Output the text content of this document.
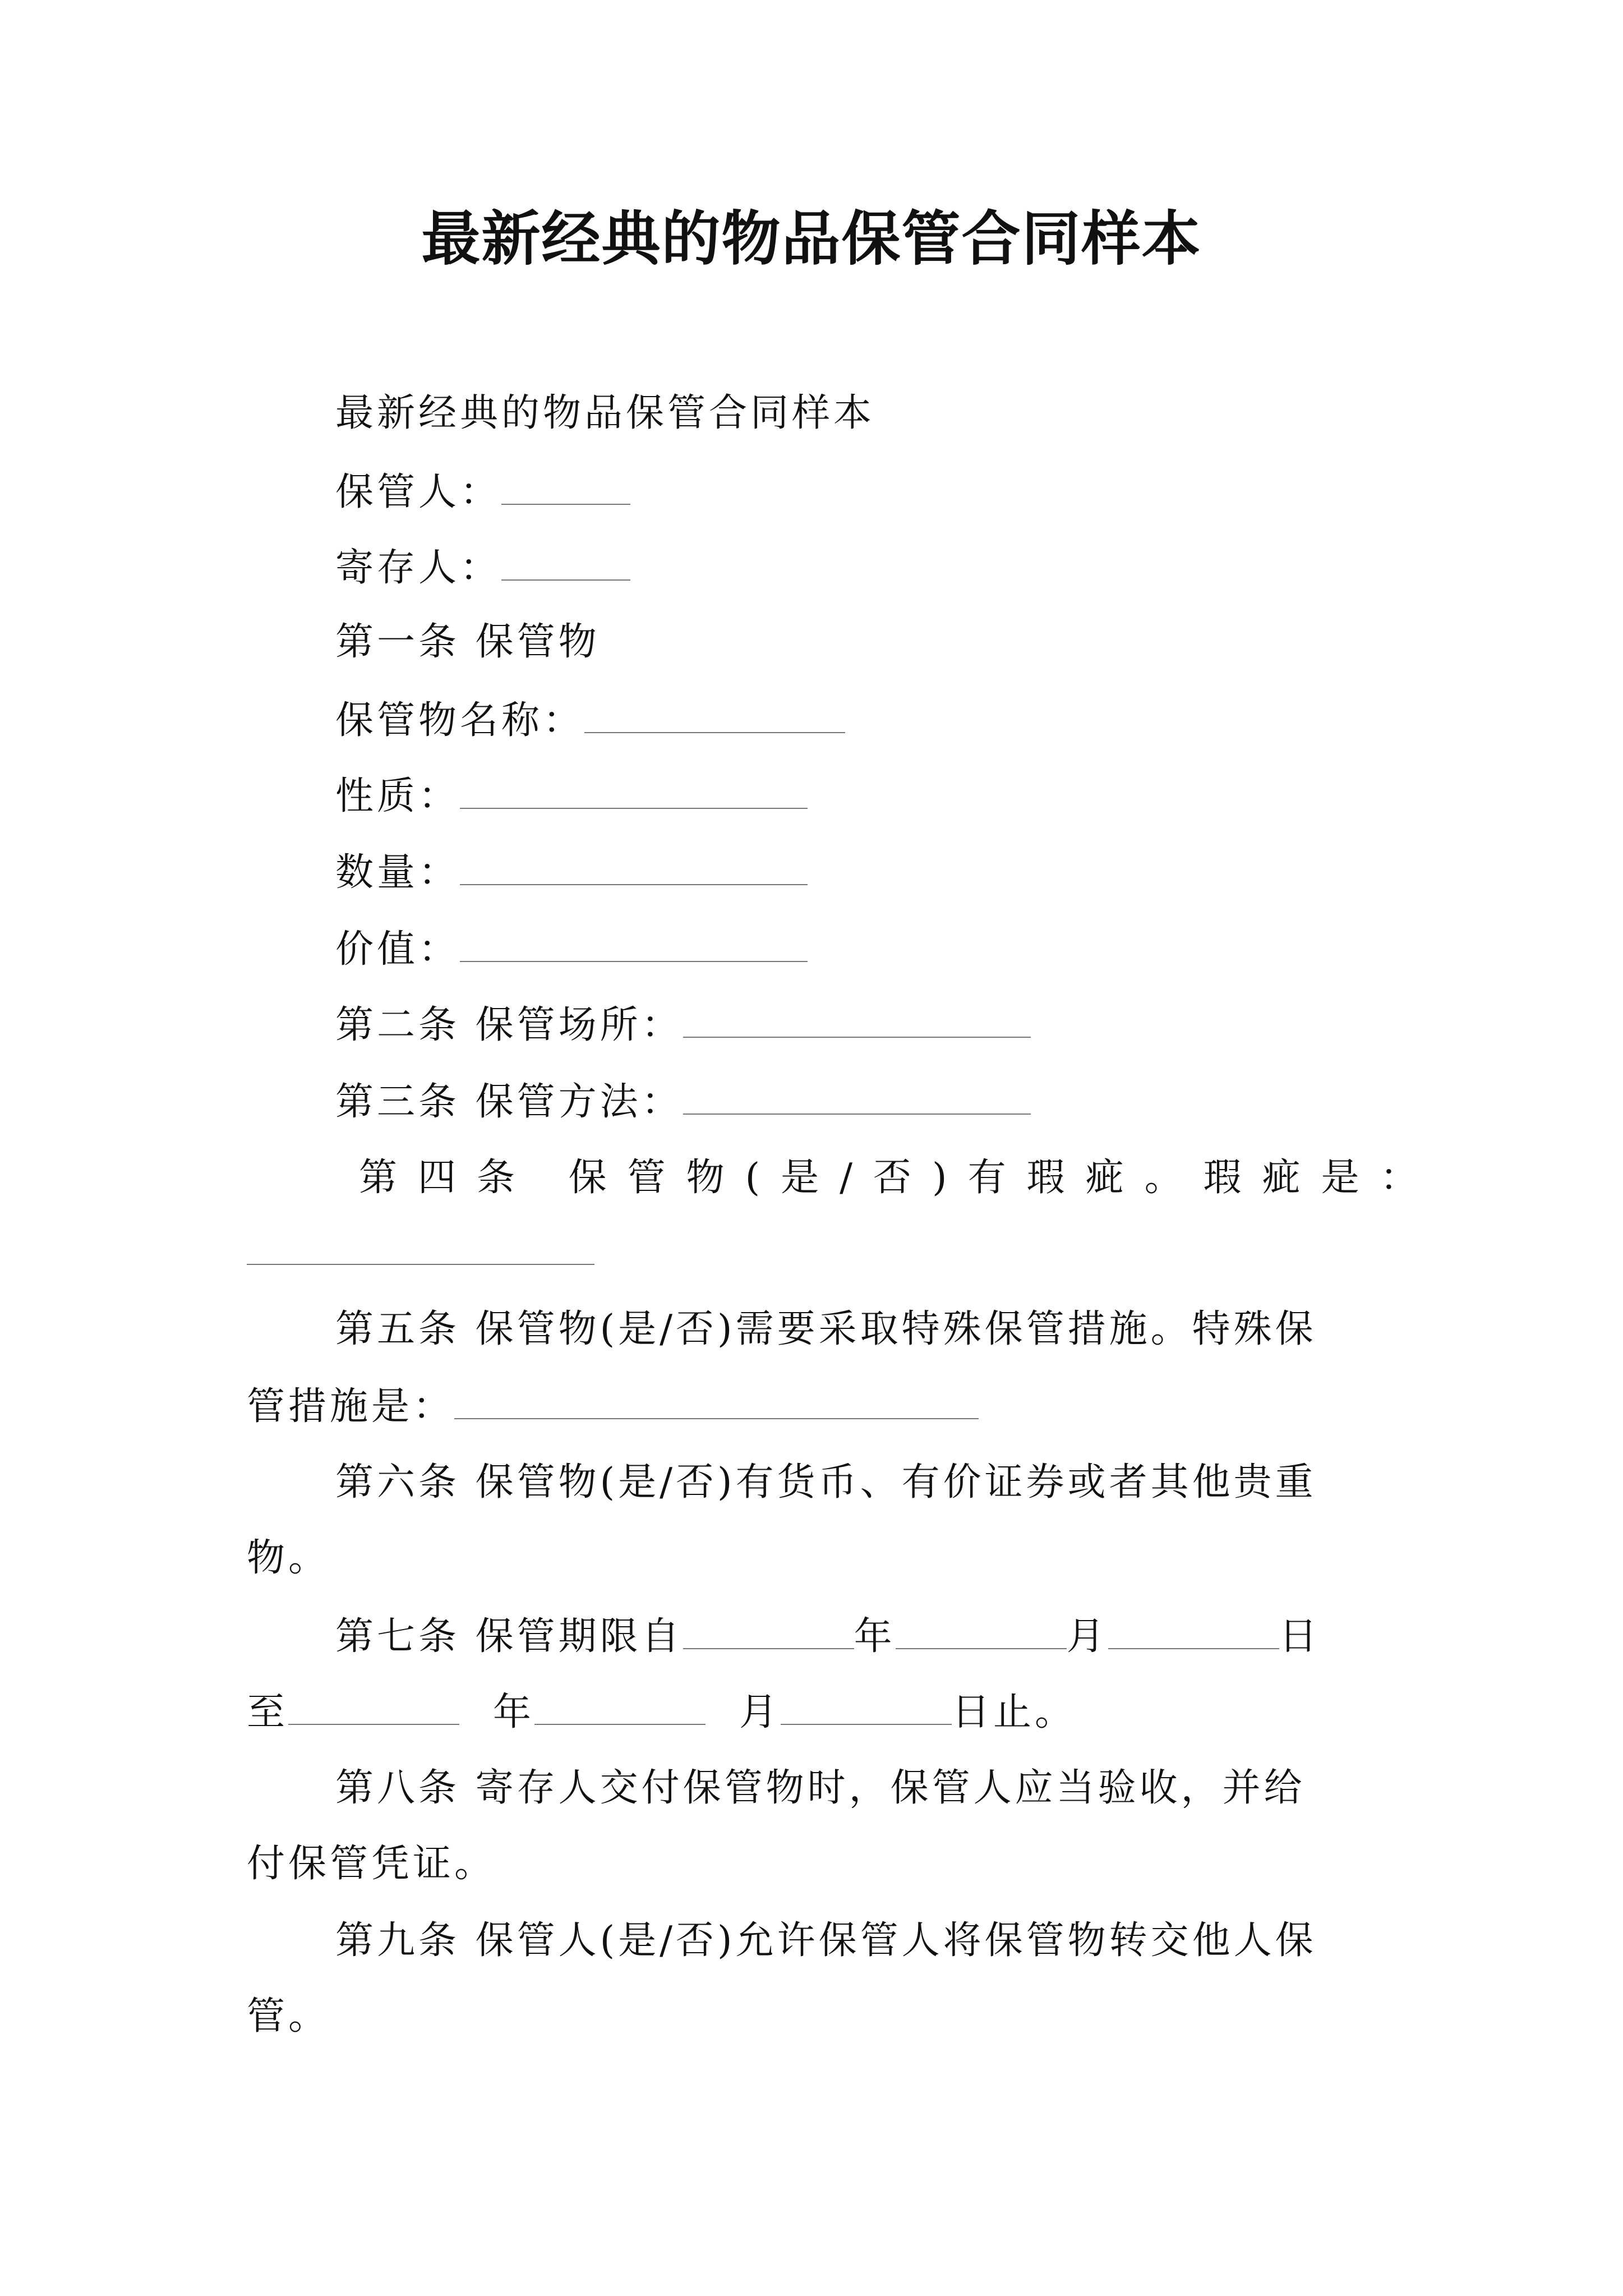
最新经典的物品保管合同样本
最新经典的物品保管合同样本
保管人：
寄存人：
第一条 保管物
保管物名称：
性质：
数量：
价值：
第二条 保管场所：
第三条 保管方法：
第四条 保管物(是/否)有瑕疵。瑕疵是：
第五条 保管物(是/否)需要采取特殊保管措施。特殊保
管措施是：
第六条 保管物(是/否)有货币、有价证券或者其他贵重
物。
第七条 保管期限自	年	月	日
至	年	月	日止。
第八条 寄存人交付保管物时，保管人应当验收，并给
付保管凭证。
第九条 保管人(是/否)允许保管人将保管物转交他人保
管。
